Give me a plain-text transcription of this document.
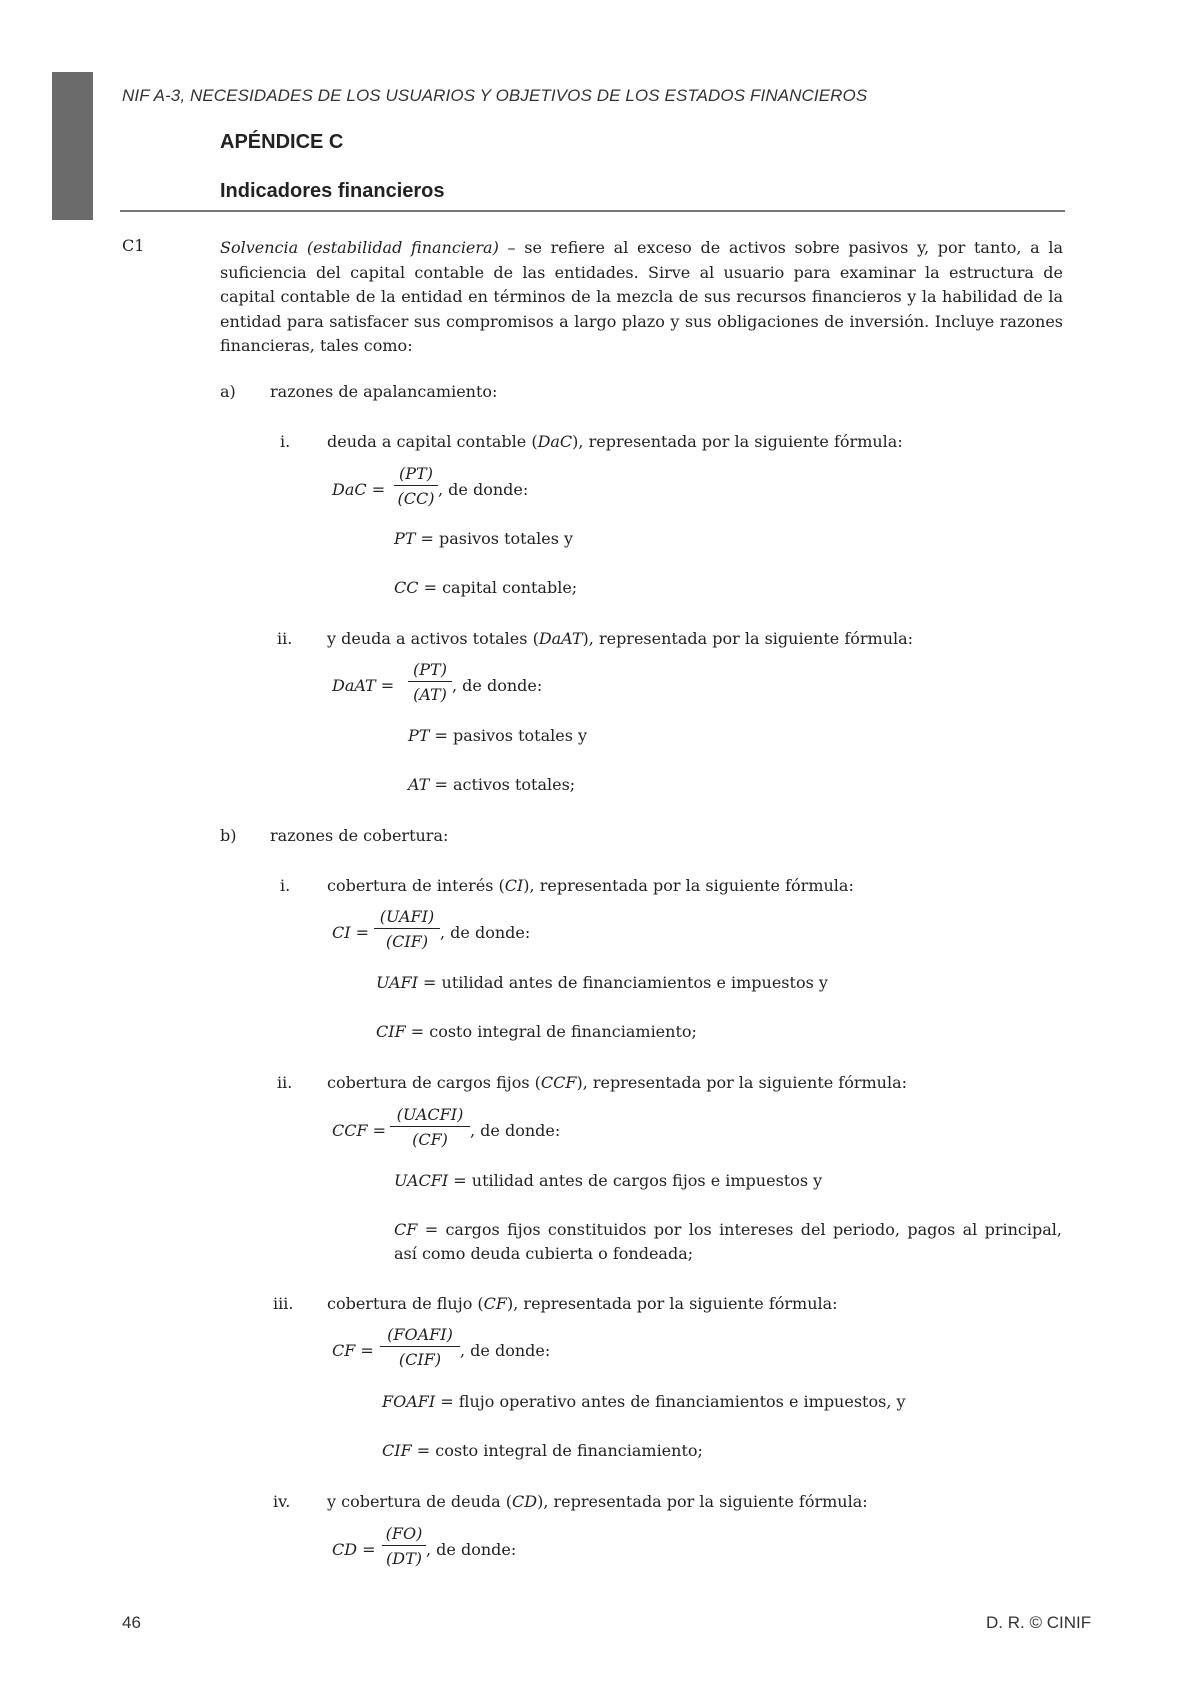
NIF A-3, NECESIDADES DE LOS USUARIOS Y OBJETIVOS DE LOS ESTADOS FINANCIEROS
APÉNDICE C
Indicadores financieros
C1	Solvencia (estabilidad financiera) – se refiere al exceso de activos sobre pasivos y, por tanto, a la suficiencia del capital contable de las entidades. Sirve al usuario para examinar la estructura de capital contable de la entidad en términos de la mezcla de sus recursos financieros y la habilidad de la entidad para satisfacer sus compromisos a largo plazo y sus obligaciones de inversión. Incluye razones financieras, tales como:

a) razones de apalancamiento:
i. deuda a capital contable (DaC), representada por la siguiente fórmula:
DaC =
(PT)
(CC) , de donde:
PT = pasivos totales y
CC = capital contable;
ii. y deuda a activos totales (DaAT), representada por la siguiente fórmula:
DaAT =
(PT)
(AT) , de donde:
PT = pasivos totales y
AT = activos totales;
b) razones de cobertura:
i. cobertura de interés (CI), representada por la siguiente fórmula:
CI =
(UAFI)
(CIF) , de donde:
UAFI = utilidad antes de financiamientos e impuestos y
CIF = costo integral de financiamiento;
ii. cobertura de cargos fijos (CCF), representada por la siguiente fórmula:
CCF =
(UACFI)
(CF)	, de donde:
UACFI = utilidad antes de cargos fijos e impuestos y

CF = cargos fijos constituidos por los intereses del periodo, pagos al principal, así como deuda cubierta o fondeada;

iii. cobertura de flujo (CF), representada por la siguiente fórmula:
CF =
(FOAFI)
(CIF)	, de donde:
FOAFI = flujo operativo antes de financiamientos e impuestos, y
CIF = costo integral de financiamiento;
iv. y cobertura de deuda (CD), representada por la siguiente fórmula:
CD =
(FO)
(DT) , de donde:
46	D. R. © CINIF
